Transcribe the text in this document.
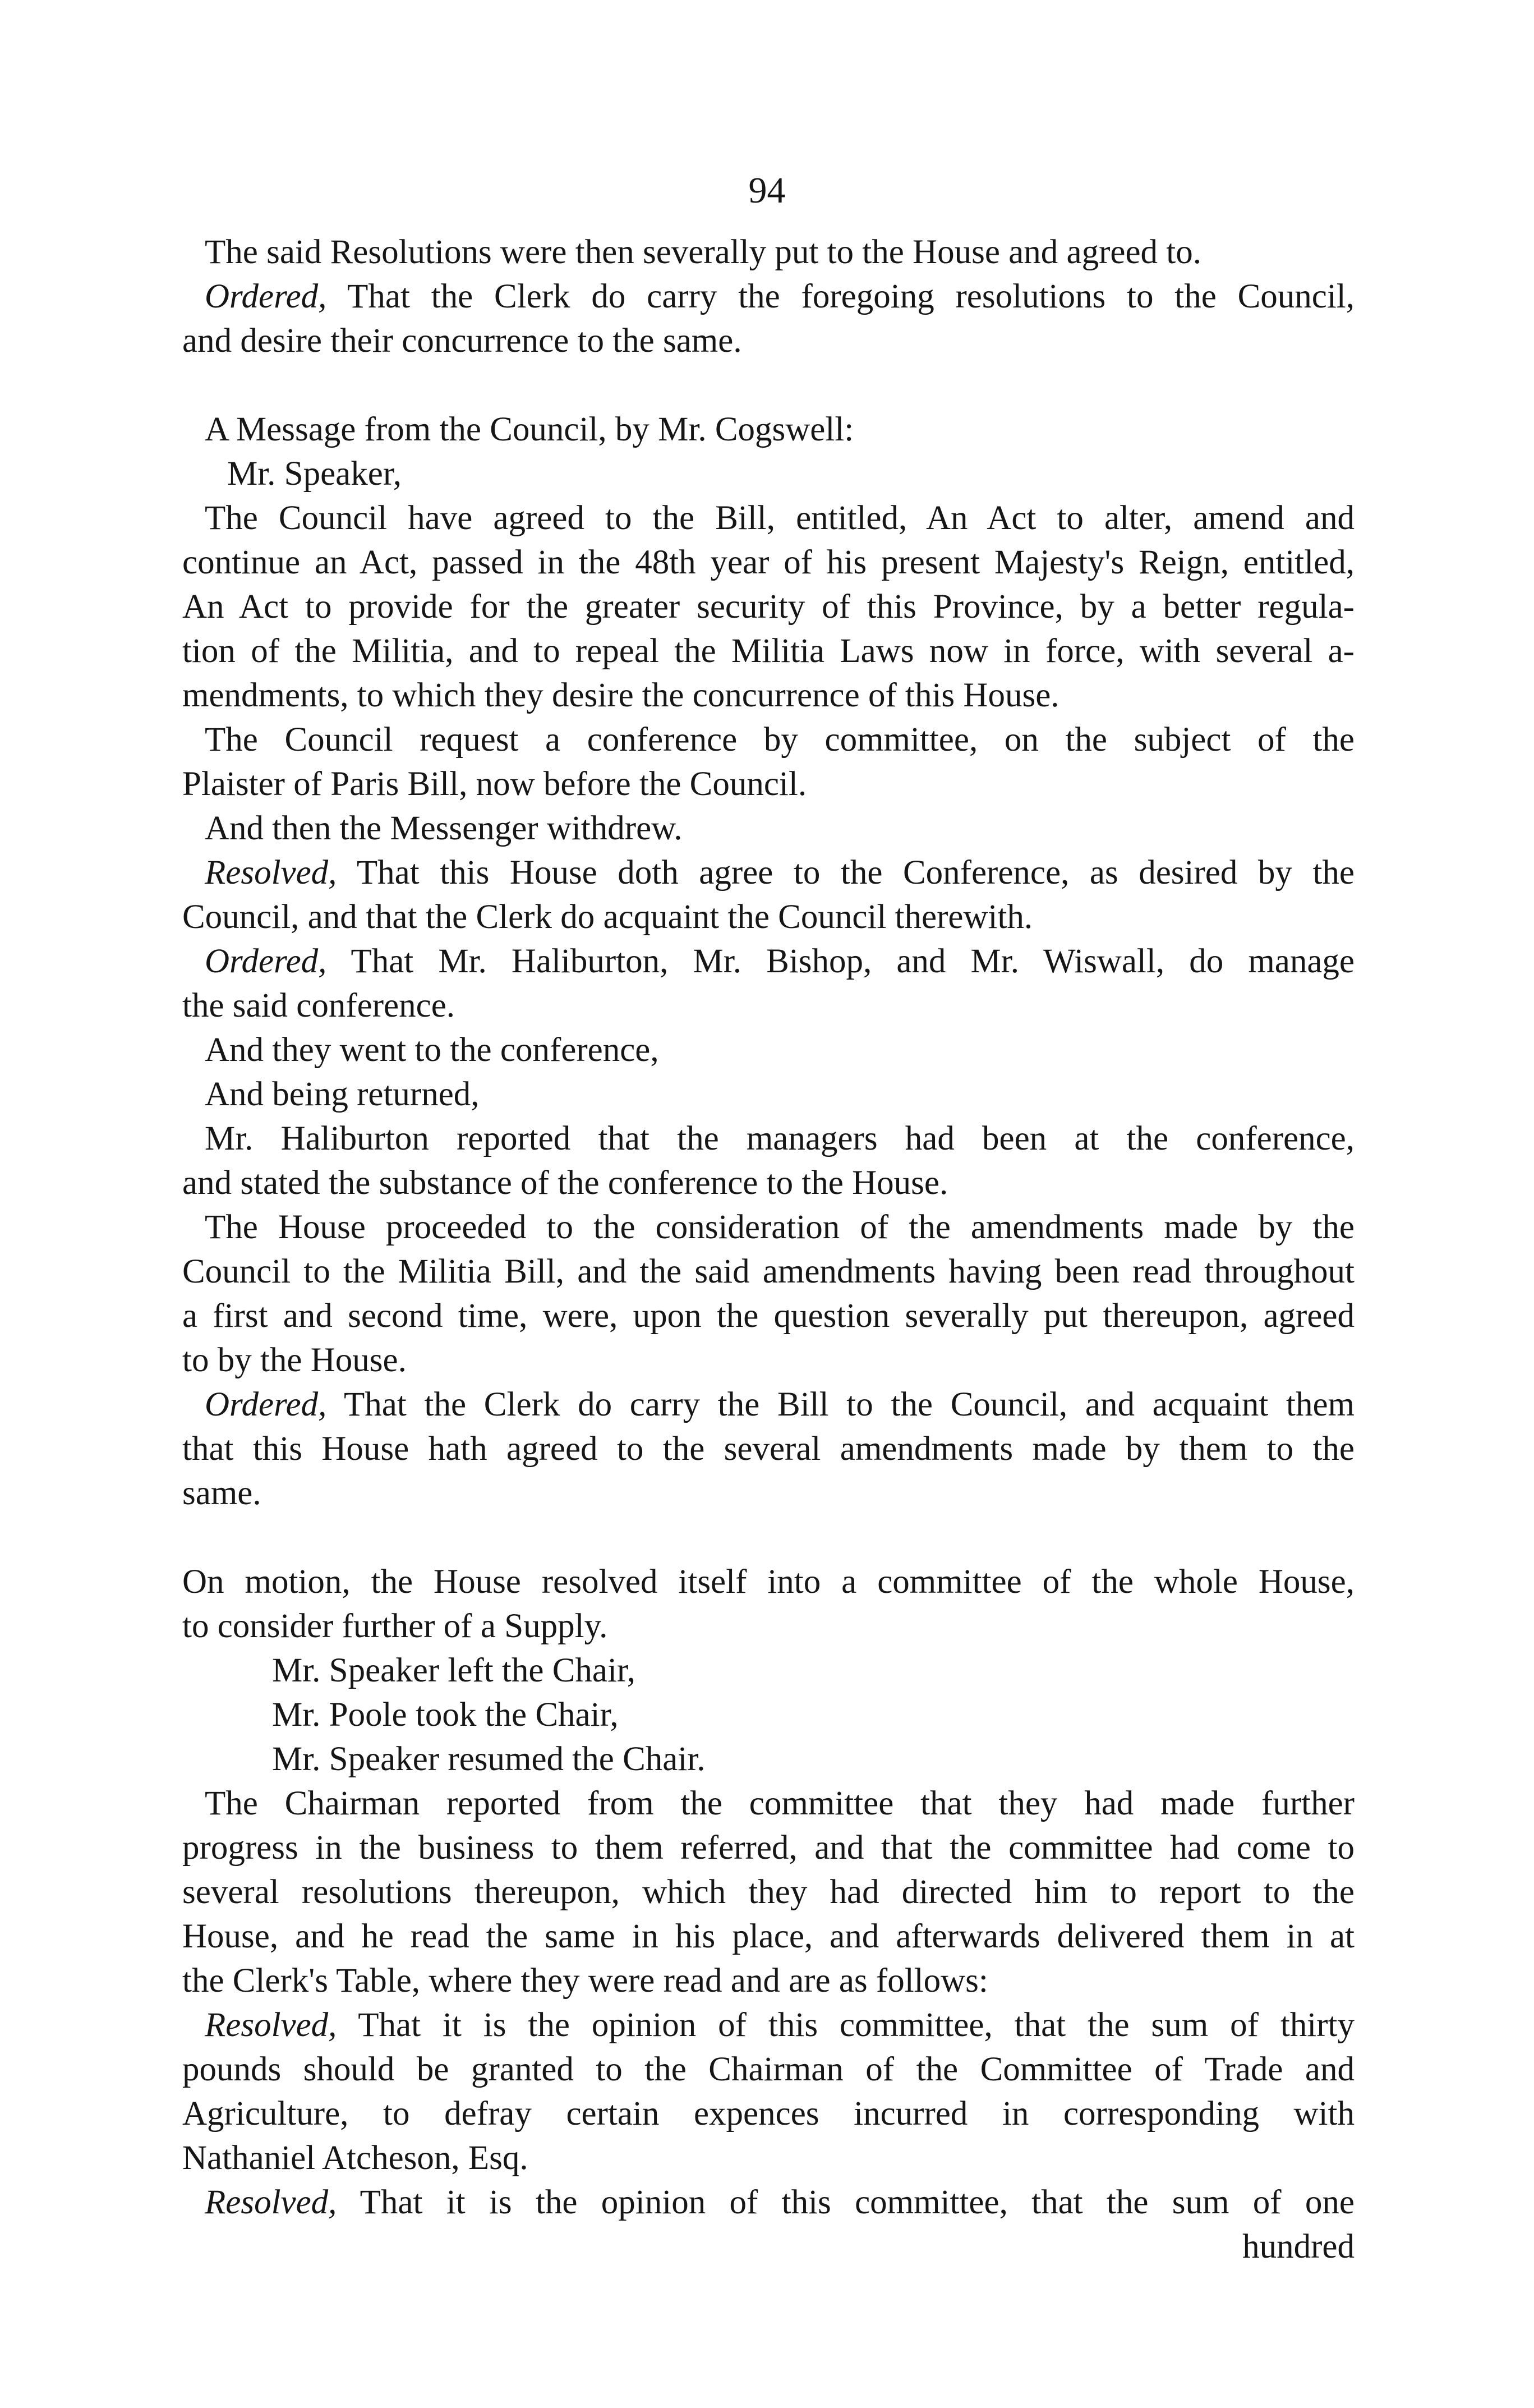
94
The said Resolutions were then severally put to the House and agreed to.
Ordered, That the Clerk do carry the foregoing resolutions to the Council,
and desire their concurrence to the same.
A Message from the Council, by Mr. Cogswell:
Mr. Speaker,
The Council have agreed to the Bill, entitled, An Act to alter, amend and
continue an Act, passed in the 48th year of his present Majesty's Reign, entitled,
An Act to provide for the greater security of this Province, by a better regula-
tion of the Militia, and to repeal the Militia Laws now in force, with several a-
mendments, to which they desire the concurrence of this House.
The Council request a conference by committee, on the subject of the
Plaister of Paris Bill, now before the Council.
And then the Messenger withdrew.
Resolved, That this House doth agree to the Conference, as desired by the
Council, and that the Clerk do acquaint the Council therewith.
Ordered, That Mr. Haliburton, Mr. Bishop, and Mr. Wiswall, do manage
the said conference.
And they went to the conference,
And being returned,
Mr. Haliburton reported that the managers had been at the conference,
and stated the substance of the conference to the House.
The House proceeded to the consideration of the amendments made by the
Council to the Militia Bill, and the said amendments having been read throughout
a first and second time, were, upon the question severally put thereupon, agreed
to by the House.
Ordered, That the Clerk do carry the Bill to the Council, and acquaint them
that this House hath agreed to the several amendments made by them to the
same.
On motion, the House resolved itself into a committee of the whole House,
to consider further of a Supply.
Mr. Speaker left the Chair,
Mr. Poole took the Chair,
Mr. Speaker resumed the Chair.
The Chairman reported from the committee that they had made further
progress in the business to them referred, and that the committee had come to
several resolutions thereupon, which they had directed him to report to the
House, and he read the same in his place, and afterwards delivered them in at
the Clerk's Table, where they were read and are as follows:
Resolved, That it is the opinion of this committee, that the sum of thirty
pounds should be granted to the Chairman of the Committee of Trade and
Agriculture, to defray certain expences incurred in corresponding with
Nathaniel Atcheson, Esq.
Resolved, That it is the opinion of this committee, that the sum of one
hundred
